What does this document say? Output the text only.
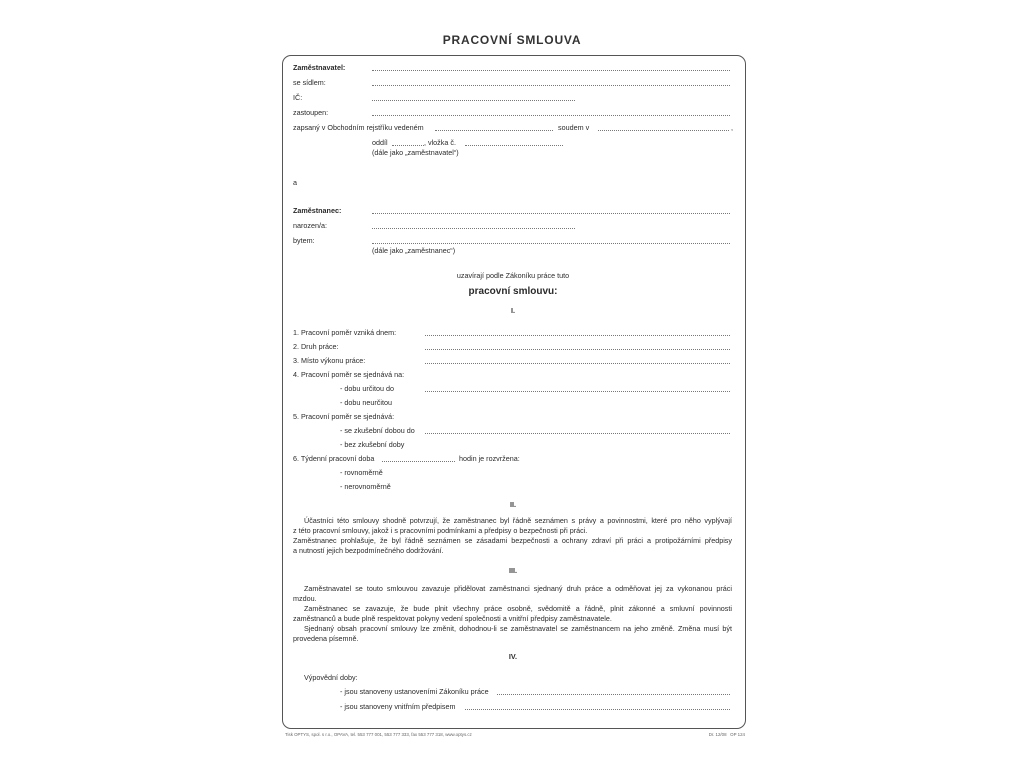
PRACOVNÍ SMLOUVA
Zaměstnavatel:
se sídlem:
IČ:
zastoupen:
zapsaný v Obchodním rejstříku vedeném	soudem v	,
oddíl	, vložka č.
(dále jako „zaměstnavatel“)
a
Zaměstnanec:
narozen/a:
bytem:
(dále jako „zaměstnanec“)
uzavírají podle Zákoníku práce tuto
pracovní smlouvu:
I.
1. Pracovní poměr vzniká dnem:
2. Druh práce:
3. Místo výkonu práce:
4. Pracovní poměr se sjednává na:
- dobu určitou do
- dobu neurčitou
5. Pracovní poměr se sjednává:
- se zkušební dobou do
- bez zkušební doby
6. Týdenní pracovní doba	hodin je rozvržena:
- rovnoměrně
- nerovnoměrně
II.
Účastníci této smlouvy shodně potvrzují, že zaměstnanec byl řádně seznámen s právy a povinnostmi, které pro něho vyplývají
z této pracovní smlouvy, jakož i s pracovními podmínkami a předpisy o bezpečnosti při práci.
Zaměstnanec prohlašuje, že byl řádně seznámen se zásadami bezpečnosti a ochrany zdraví při práci a protipožárními předpisy
a nutností jejich bezpodmínečného dodržování.
III.
Zaměstnavatel se touto smlouvou zavazuje přidělovat zaměstnanci sjednaný druh práce a odměňovat jej za vykonanou práci
mzdou.
Zaměstnanec se zavazuje, že bude plnit všechny práce osobně, svědomitě a řádně, plnit zákonné a smluvní povinnosti
zaměstnanců a bude plně respektovat pokyny vedení společnosti a vnitřní předpisy zaměstnavatele.
Sjednaný obsah pracovní smlouvy lze změnit, dohodnou-li se zaměstnavatel se zaměstnancem na jeho změně. Změna musí být
provedena písemně.
IV.
Výpovědní doby:
- jsou stanoveny ustanoveními Zákoníku práce
- jsou stanoveny vnitřním předpisem
Tisk OPTYS, spol. s r.o., OPAVA, tel. 553 777 001, 553 777 333, fax 553 777 318, www.optys.cz	Dr. 12/08   OP 124
